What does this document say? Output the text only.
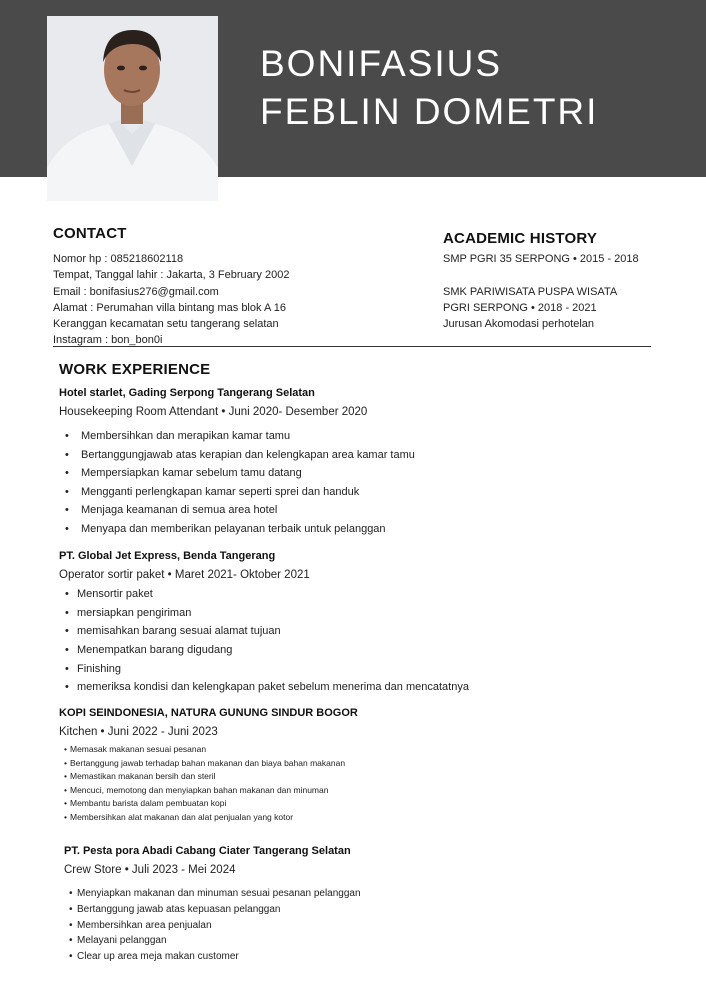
BONIFASIUS
FEBLIN DOMETRI
CONTACT
Nomor hp : 085218602118
Tempat, Tanggal lahir : Jakarta, 3 February 2002
Email : bonifasius276@gmail.com
Alamat : Perumahan villa bintang mas blok A 16
Keranggan kecamatan setu tangerang selatan
Instagram : bon_bon0i
ACADEMIC HISTORY
SMP PGRI 35 SERPONG • 2015 - 2018
SMK PARIWISATA PUSPA WISATA
PGRI SERPONG • 2018 - 2021
Jurusan Akomodasi perhotelan
WORK EXPERIENCE
Hotel starlet, Gading Serpong Tangerang Selatan
Housekeeping Room Attendant • Juni 2020- Desember 2020
• Membersihkan dan merapikan kamar tamu
• Bertanggungjawab atas kerapian dan kelengkapan area kamar tamu
• Mempersiapkan kamar sebelum tamu datang
• Mengganti perlengkapan kamar seperti sprei dan handuk
• Menjaga keamanan di semua area hotel
• Menyapa dan memberikan pelayanan terbaik untuk pelanggan
PT. Global Jet Express, Benda Tangerang
Operator sortir paket • Maret 2021- Oktober 2021
• Mensortir paket
• mersiapkan pengiriman
• memisahkan barang sesuai alamat tujuan
• Menempatkan barang digudang
• Finishing
• memeriksa kondisi dan kelengkapan paket sebelum menerima dan mencatatnya
KOPI SEINDONESIA, NATURA GUNUNG SINDUR BOGOR
Kitchen • Juni 2022 - Juni 2023
• Memasak makanan sesuai pesanan
• Bertanggung jawab terhadap bahan makanan dan biaya bahan makanan
• Memastikan makanan bersih dan steril
• Mencuci, memotong dan menyiapkan bahan makanan dan minuman
• Membantu barista dalam pembuatan kopi
• Membersihkan alat makanan dan alat penjualan yang kotor
PT. Pesta pora Abadi Cabang Ciater Tangerang Selatan
Crew Store • Juli 2023 - Mei 2024
• Menyiapkan makanan dan minuman sesuai pesanan pelanggan
• Bertanggung jawab atas kepuasan pelanggan
• Membersihkan area penjualan
• Melayani pelanggan
• Clear up area meja makan customer
